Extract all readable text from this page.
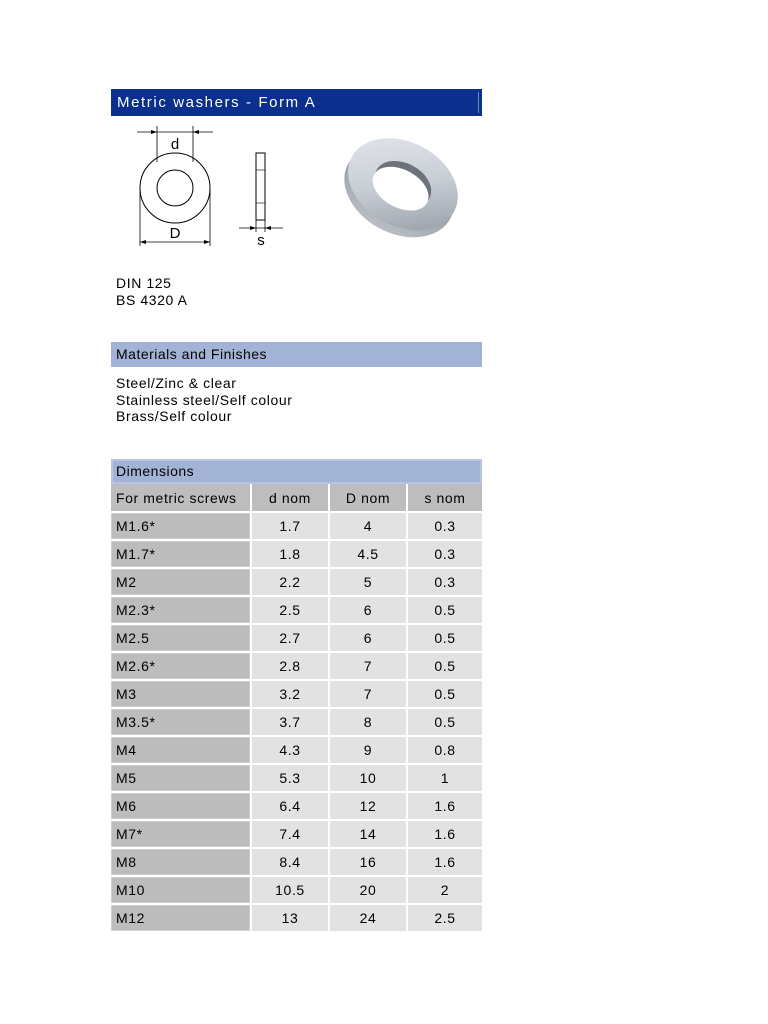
Metric washers - Form A
d
D	s
DIN 125
BS 4320 A
Materials and Finishes
Steel/Zinc & clear
Stainless steel/Self colour
Brass/Self colour
Dimensions
For metric screws	d nom	D nom	s nom
M1.6*	1.7	4	0.3
M1.7*	1.8	4.5	0.3
M2	2.2	5	0.3
M2.3*	2.5	6	0.5
M2.5	2.7	6	0.5
M2.6*	2.8	7	0.5
M3	3.2	7	0.5
M3.5*	3.7	8	0.5
M4	4.3	9	0.8
M5	5.3	10	1
M6	6.4	12	1.6
M7*	7.4	14	1.6
M8	8.4	16	1.6
M10	10.5	20	2
M12	13	24	2.5
